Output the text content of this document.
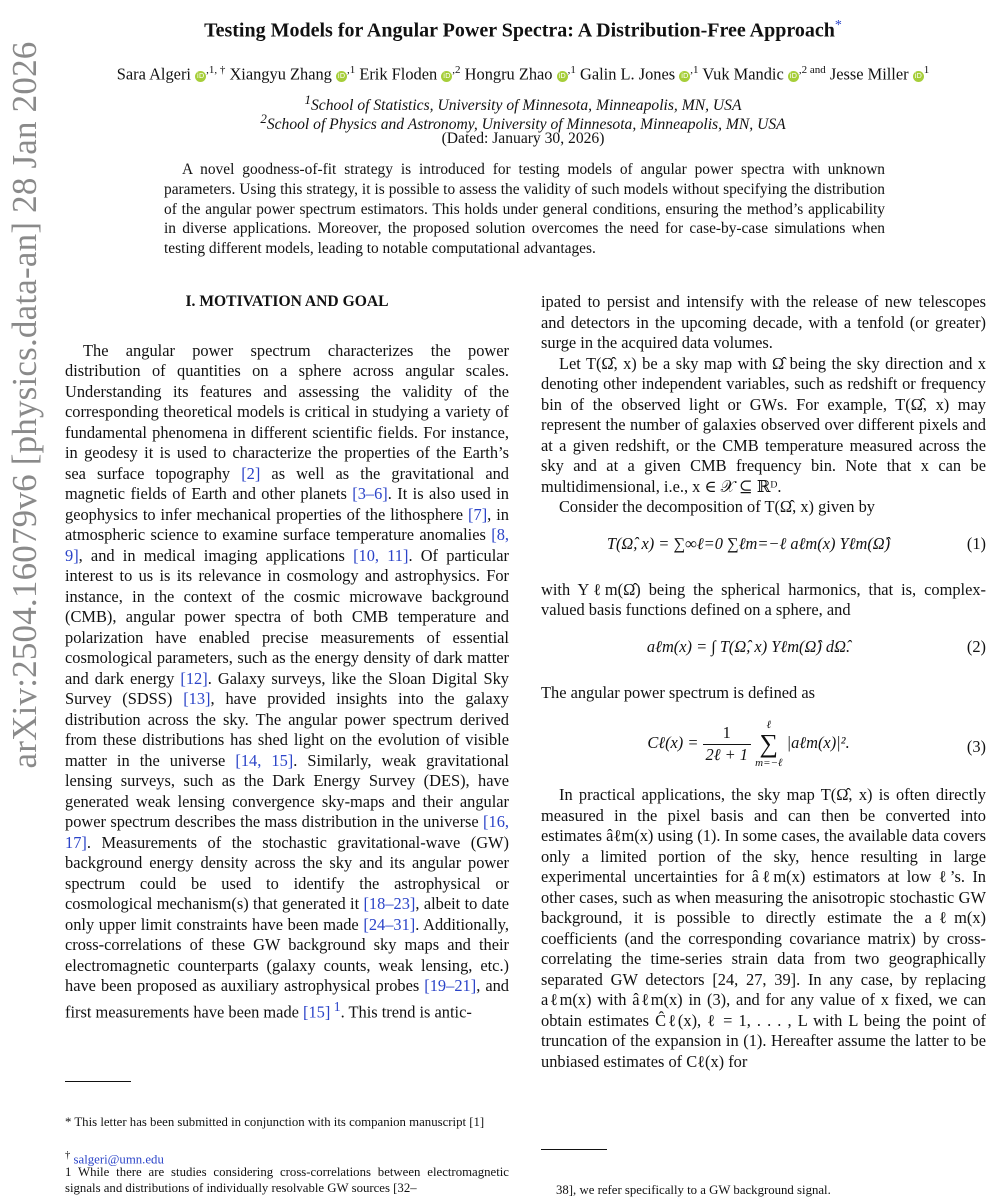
arXiv:2504.16079v6 [physics.data-an] 28 Jan 2026
Testing Models for Angular Power Spectra: A Distribution-Free Approach*
Sara Algeri $iD^{,1, \dagger}$ Xiangyu Zhang $iD^{,1}$ Erik Floden $iD^{,2}$ Hongru Zhao $iD^{,1}$ Galin L. Jones $iD^{,1}$ Vuk Mandic $iD^{,2 and}$ Jesse Miller $iD^1$
$^1$School of Statistics, University of Minnesota, Minneapolis, MN, USA
$^2$School of Physics and Astronomy, University of Minnesota, Minneapolis, MN, USA
(Dated: January 30, 2026)
A novel goodness-of-fit strategy is introduced for testing models of angular power spectra with unknown parameters. Using this strategy, it is possible to assess the validity of such models without specifying the distribution of the angular power spectrum estimators. This holds under general conditions, ensuring the method’s applicability in diverse applications. Moreover, the proposed solution overcomes the need for case-by-case simulations when testing different models, leading to notable computational advantages.
I. MOTIVATION AND GOAL

The angular power spectrum characterizes the power distribution of quantities on a sphere across angular scales. Understanding its features and assessing the validity of the corresponding theoretical models is critical in studying a variety of fundamental phenomena in different scientific fields. For instance, in geodesy it is used to characterize the properties of the Earth’s sea surface topography [2] as well as the gravitational and magnetic fields of Earth and other planets [3–6]. It is also used in geophysics to infer mechanical properties of the lithosphere [7], in atmospheric science to examine surface temperature anomalies [8, 9], and in medical imaging applications [10, 11]. Of particular interest to us is its relevance in cosmology and astrophysics. For instance, in the context of the cosmic microwave background (CMB), angular power spectra of both CMB temperature and polarization have enabled precise measurements of essential cosmological parameters, such as the energy density of dark matter and dark energy [12]. Galaxy surveys, like the Sloan Digital Sky Survey (SDSS) [13], have provided insights into the galaxy distribution across the sky. The angular power spectrum derived from these distributions has shed light on the evolution of visible matter in the universe [14, 15]. Similarly, weak gravitational lensing surveys, such as the Dark Energy Survey (DES), have generated weak lensing convergence sky-maps and their angular power spectrum describes the mass distribution in the universe [16, 17]. Measurements of the stochastic gravitational-wave (GW) background energy density across the sky and its angular power spectrum could be used to identify the astrophysical or cosmological mechanism(s) that generated it [18–23], albeit to date only upper limit constraints have been made [24–31]. Additionally, cross-correlations of these GW background sky maps and their electromagnetic counterparts (galaxy counts, weak lensing, etc.) have been proposed as auxiliary astrophysical probes [19–21], and first measurements have been made [15] $^1$. This trend is antic-

* This letter has been submitted in conjunction with its companion manuscript [1]
† salgeri@umn.edu
1 While there are studies considering cross-correlations between electromagnetic signals and distributions of individually resolvable GW sources [32–

ipated to persist and intensify with the release of new telescopes and detectors in the upcoming decade, with a tenfold (or greater) surge in the acquired data volumes.

Let T(Ω̂, x) be a sky map with Ω̂ being the sky direction and x denoting other independent variables, such as redshift or frequency bin of the observed light or GWs. For example, T(Ω̂, x) may represent the number of galaxies observed over different pixels and at a given redshift, or the CMB temperature measured across the sky and at a given CMB frequency bin. Note that x can be multidimensional, i.e., x ∈ 𝒳 ⊆ ℝᴰ.

Consider the decomposition of T(Ω̂, x) given by

T(Ω̂, x) = ∑∞ℓ=0 ∑ℓm=−ℓ aℓm(x) Yℓm(Ω̂)	(1)

with Yℓm(Ω̂) being the spherical harmonics, that is, complex-valued basis functions defined on a sphere, and

aℓm(x) = ∫ T(Ω̂, x) Yℓm(Ω̂) dΩ̂.	(2)

The angular power spectrum is defined as

Cℓ(x) = $\frac{1}{\text{2ℓ + 1}}$
	ℓ
∑
m=−ℓ
|aℓm(x)|².	(3)

In practical applications, the sky map T(Ω̂, x) is often directly measured in the pixel basis and can then be converted into estimates âℓm(x) using (1). In some cases, the available data covers only a limited portion of the sky, hence resulting in large experimental uncertainties for âℓm(x) estimators at low ℓ’s. In other cases, such as when measuring the anisotropic stochastic GW background, it is possible to directly estimate the aℓm(x) coefficients (and the corresponding covariance matrix) by cross-correlating the time-series strain data from two geographically separated GW detectors [24, 27, 39]. In any case, by replacing aℓm(x) with âℓm(x) in (3), and for any value of x fixed, we can obtain estimates Ĉℓ(x), ℓ = 1, . . . , L with L being the point of truncation of the expansion in (1). Hereafter assume the latter to be unbiased estimates of Cℓ(x) for

38], we refer specifically to a GW background signal.
